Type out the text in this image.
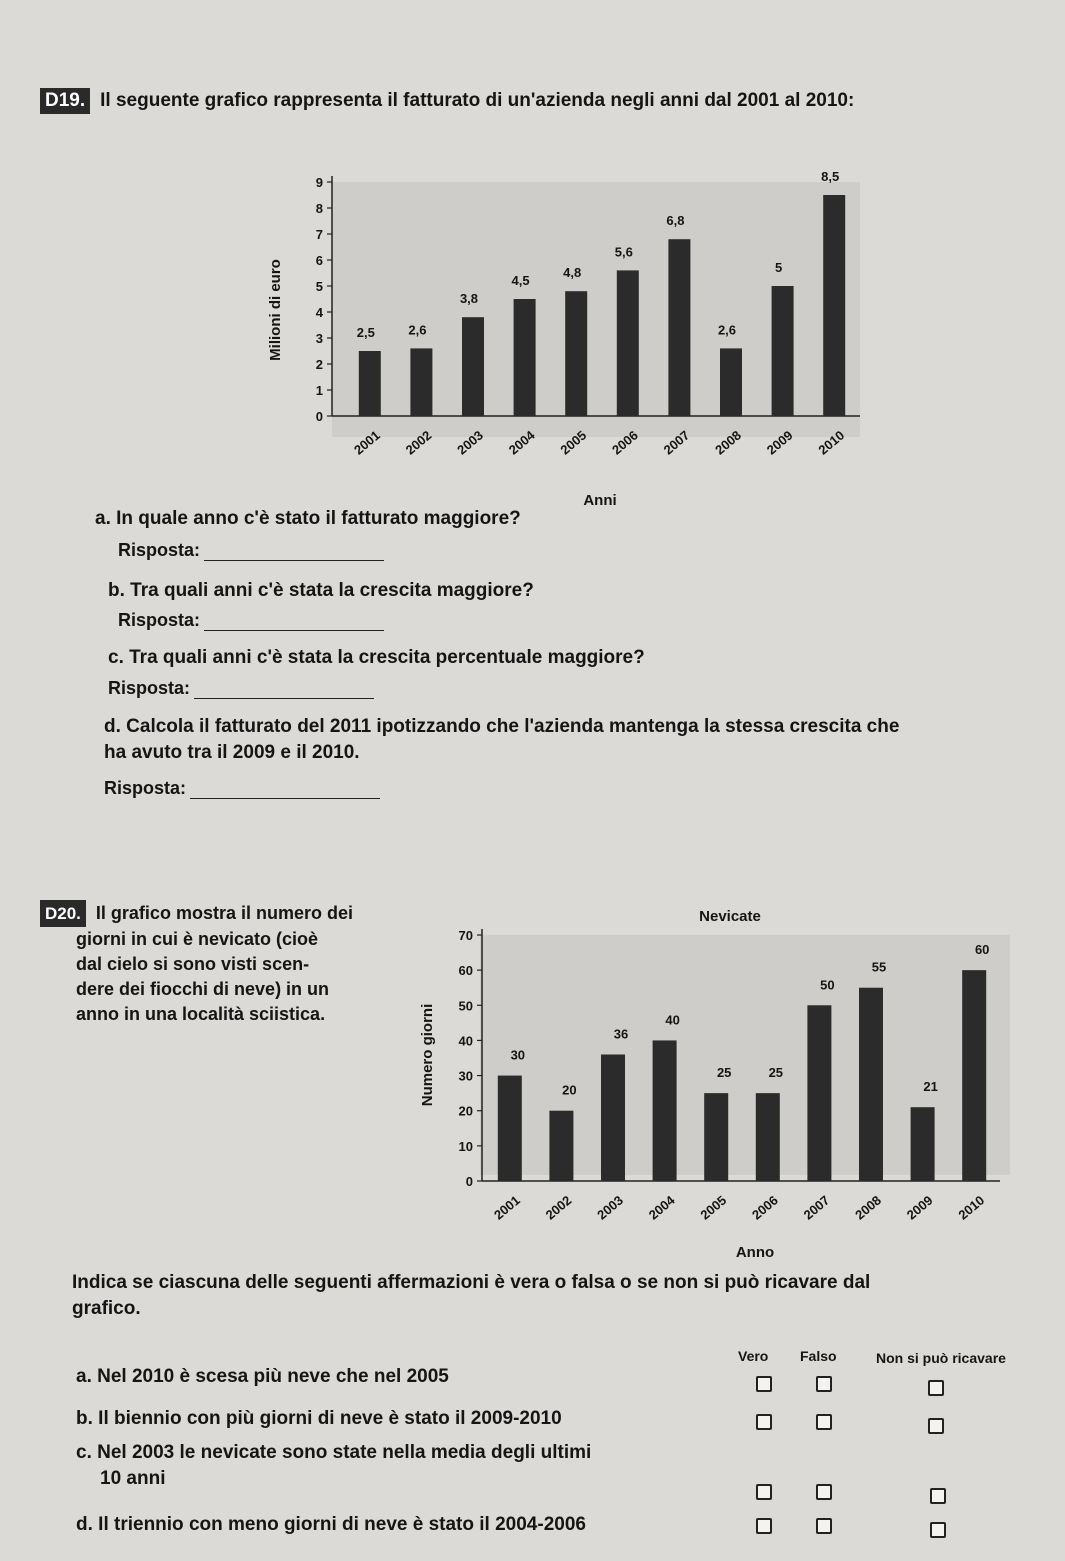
D19. Il seguente grafico rappresenta il fatturato di un'azienda negli anni dal 2001 al 2010:
Milioni di euro
Anni
0
1
2
3
4
5
6
7
8
9
2,5
2001
2,6
2002
3,8
2003
4,5
2004
4,8
2005
5,6
2006
6,8
2007
2,6
2008
5
2009
8,5
2010
a. In quale anno c'è stato il fatturato maggiore?
Risposta:
b. Tra quali anni c'è stata la crescita maggiore?
Risposta:
c. Tra quali anni c'è stata la crescita percentuale maggiore?
Risposta:
d. Calcola il fatturato del 2011 ipotizzando che l'azienda mantenga la stessa crescita che
ha avuto tra il 2009 e il 2010.
Risposta:
D20. Il grafico mostra il numero dei
giorni in cui è nevicato (cioè
dal cielo si sono visti scen-
dere dei fiocchi di neve) in un
anno in una località sciistica.
Nevicate
Numero giorni
Anno
0
10
20
30
40
50
60
70
30
2001
20
2002
36
2003
40
2004
25
2005
25
2006
50
2007
55
2008
21
2009
60
2010
Indica se ciascuna delle seguenti affermazioni è vera o falsa o se non si può ricavare dal
grafico.
Vero Falso	Non si può ricavare
a. Nel 2010 è scesa più neve che nel 2005
b. Il biennio con più giorni di neve è stato il 2009-2010
c. Nel 2003 le nevicate sono state nella media degli ultimi
10 anni
d. Il triennio con meno giorni di neve è stato il 2004-2006
